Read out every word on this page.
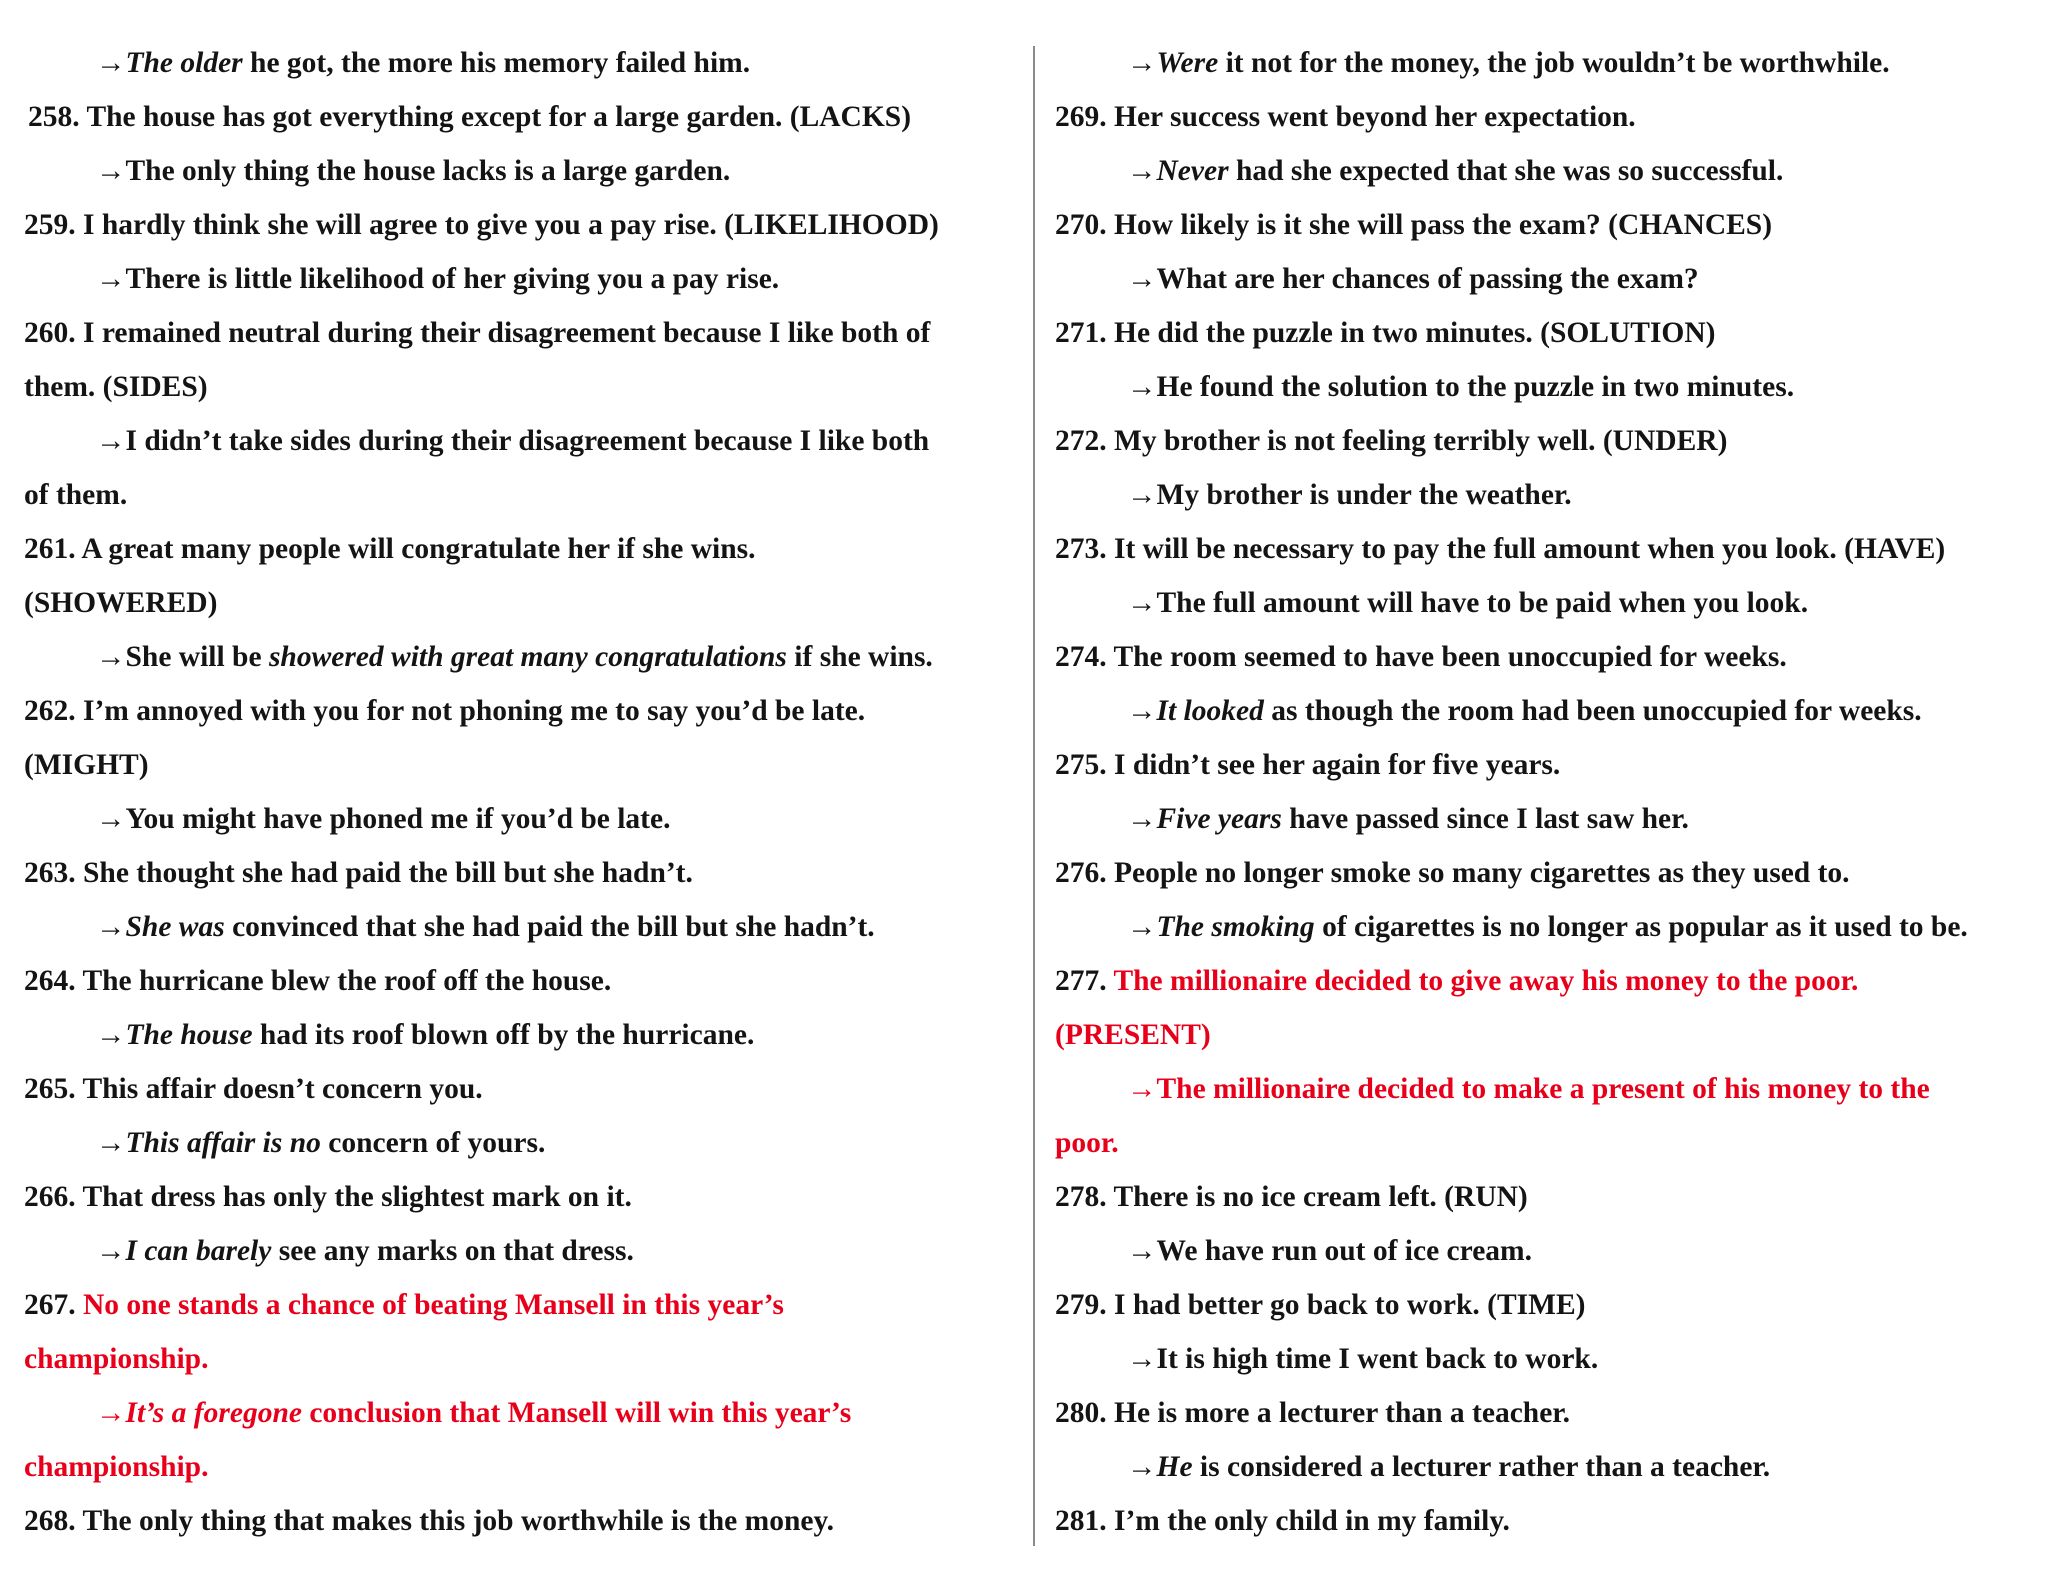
→The older he got, the more his memory failed him.
258. The house has got everything except for a large garden. (LACKS)
→The only thing the house lacks is a large garden.
259. I hardly think she will agree to give you a pay rise. (LIKELIHOOD)
→There is little likelihood of her giving you a pay rise.
260. I remained neutral during their disagreement because I like both of
them. (SIDES)
→I didn’t take sides during their disagreement because I like both
of them.
261. A great many people will congratulate her if she wins.
(SHOWERED)
→She will be showered with great many congratulations if she wins.
262. I’m annoyed with you for not phoning me to say you’d be late.
(MIGHT)
→You might have phoned me if you’d be late.
263. She thought she had paid the bill but she hadn’t.
→She was convinced that she had paid the bill but she hadn’t.
264. The hurricane blew the roof off the house.
→The house had its roof blown off by the hurricane.
265. This affair doesn’t concern you.
→This affair is no concern of yours.
266. That dress has only the slightest mark on it.
→I can barely see any marks on that dress.
267. No one stands a chance of beating Mansell in this year’s
championship.
→It’s a foregone conclusion that Mansell will win this year’s
championship.
268. The only thing that makes this job worthwhile is the money.
→Were it not for the money, the job wouldn’t be worthwhile.
269. Her success went beyond her expectation.
→Never had she expected that she was so successful.
270. How likely is it she will pass the exam? (CHANCES)
→What are her chances of passing the exam?
271. He did the puzzle in two minutes. (SOLUTION)
→He found the solution to the puzzle in two minutes.
272. My brother is not feeling terribly well. (UNDER)
→My brother is under the weather.
273. It will be necessary to pay the full amount when you look. (HAVE)
→The full amount will have to be paid when you look.
274. The room seemed to have been unoccupied for weeks.
→It looked as though the room had been unoccupied for weeks.
275. I didn’t see her again for five years.
→Five years have passed since I last saw her.
276. People no longer smoke so many cigarettes as they used to.
→The smoking of cigarettes is no longer as popular as it used to be.
277. The millionaire decided to give away his money to the poor.
(PRESENT)
→The millionaire decided to make a present of his money to the
poor.
278. There is no ice cream left. (RUN)
→We have run out of ice cream.
279. I had better go back to work. (TIME)
→It is high time I went back to work.
280. He is more a lecturer than a teacher.
→He is considered a lecturer rather than a teacher.
281. I’m the only child in my family.
